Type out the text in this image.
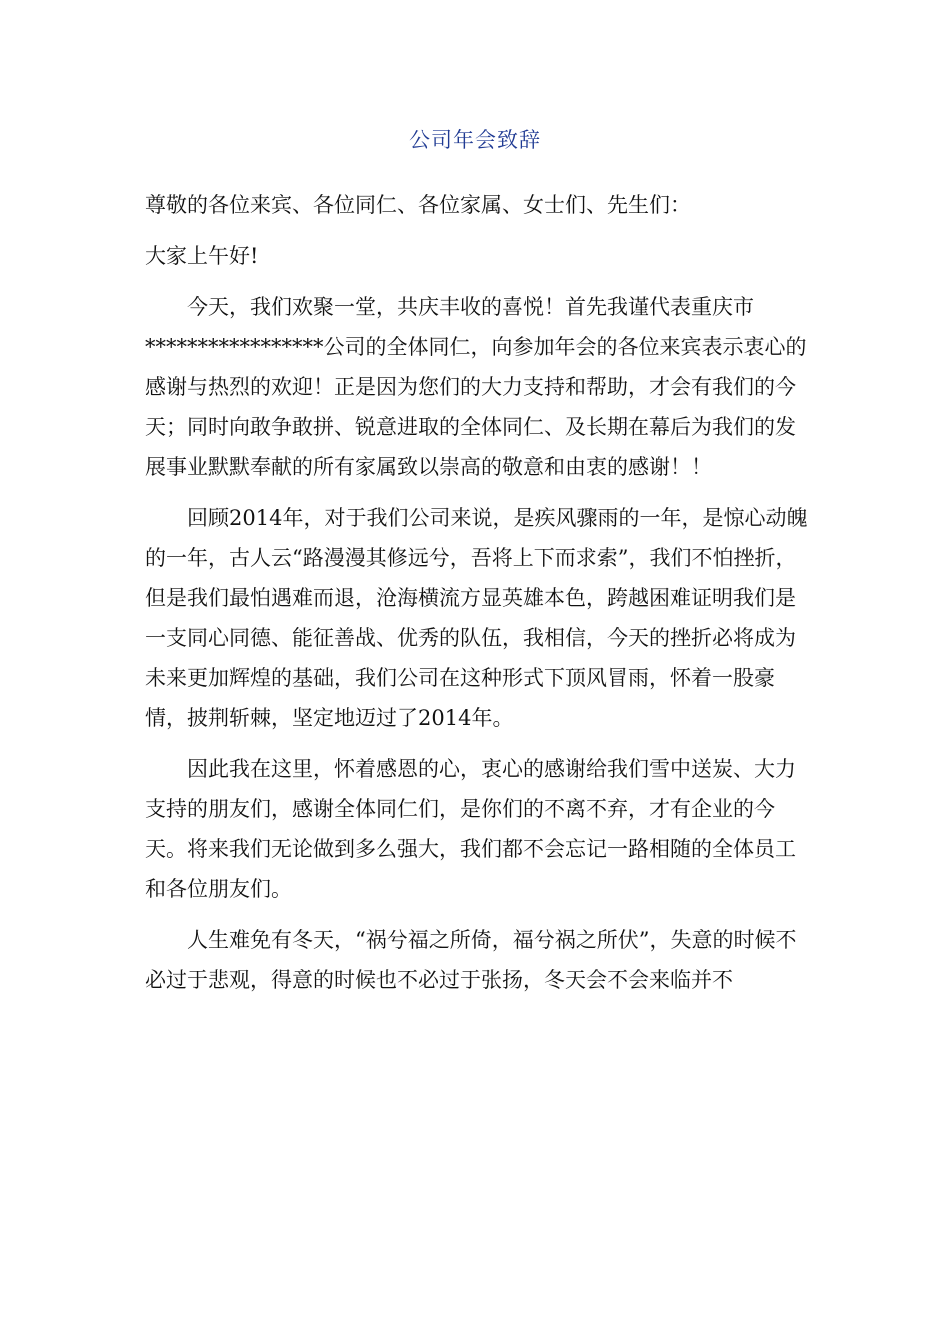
公司年会致辞

尊敬的各位来宾、各位同仁、各位家属、女士们、先生们：

大家上午好!

今天，我们欢聚一堂，共庆丰收的喜悦！首先我谨代表重庆市*****************公司的全体同仁，向参加年会的各位来宾表示衷心的感谢与热烈的欢迎！正是因为您们的大力支持和帮助，才会有我们的今天；同时向敢争敢拼、锐意进取的全体同仁、及长期在幕后为我们的发展事业默默奉献的所有家属致以崇高的敬意和由衷的感谢！！

回顾2014年，对于我们公司来说，是疾风骤雨的一年，是惊心动魄的一年，古人云“路漫漫其修远兮，吾将上下而求索”，我们不怕挫折，但是我们最怕遇难而退，沧海横流方显英雄本色，跨越困难证明我们是一支同心同德、能征善战、优秀的队伍，我相信，今天的挫折必将成为未来更加辉煌的基础，我们公司在这种形式下顶风冒雨，怀着一股豪情，披荆斩棘，坚定地迈过了2014年。

因此我在这里，怀着感恩的心，衷心的感谢给我们雪中送炭、大力支持的朋友们，感谢全体同仁们，是你们的不离不弃，才有企业的今天。将来我们无论做到多么强大，我们都不会忘记一路相随的全体员工和各位朋友们。

人生难免有冬天，“祸兮福之所倚，福兮祸之所伏”，失意的时候不必过于悲观，得意的时候也不必过于张扬，冬天会不会来临并不
